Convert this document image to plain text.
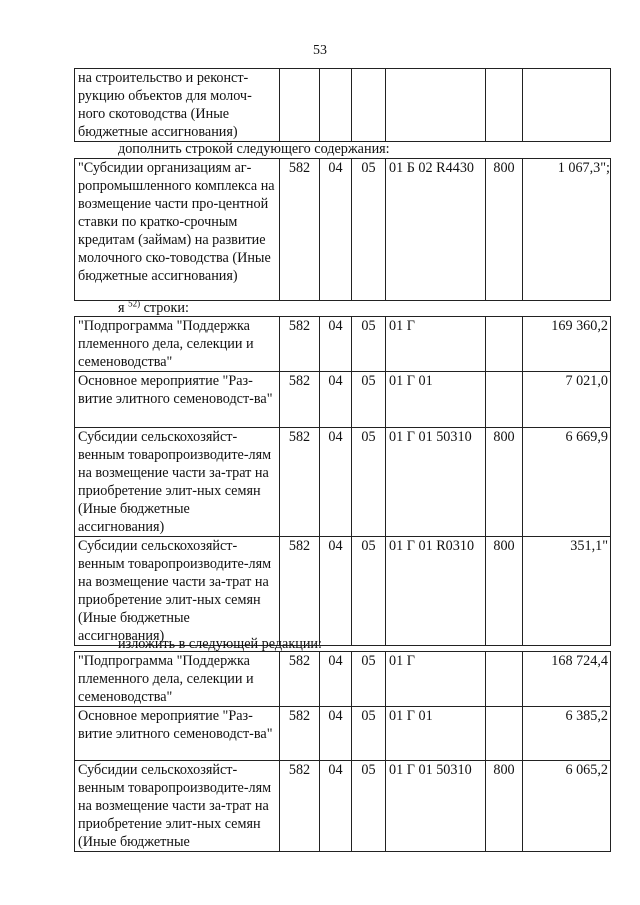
53
на строительство и реконст-рукцию объектов для молоч-ного скотоводства (Иные бюджетные ассигнования)						
дополнить строкой следующего содержания:
"Субсидии организациям аг-ропромышленного комплекса на возмещение части про-центной ставки по кратко-срочным кредитам (займам) на развитие молочного ско-товодства (Иные бюджетные ассигнования)	582	04	05	01 Б 02 R4430	800	1 067,3";
я $^{52)}$ строки:
"Подпрограмма "Поддержка племенного дела, селекции и семеноводства"	582	04	05	01 Г		169 360,2
Основное мероприятие "Раз-витие элитного семеноводст-ва"	582	04	05	01 Г 01		7 021,0
Субсидии сельскохозяйст-венным товаропроизводите-лям на возмещение части за-трат на приобретение элит-ных семян (Иные бюджетные ассигнования)	582	04	05	01 Г 01 50310	800	6 669,9
Субсидии сельскохозяйст-венным товаропроизводите-лям на возмещение части за-трат на приобретение элит-ных семян (Иные бюджетные ассигнования)	582	04	05	01 Г 01 R0310	800	351,1"
изложить в следующей редакции:
"Подпрограмма "Поддержка племенного дела, селекции и семеноводства"	582	04	05	01 Г		168 724,4
Основное мероприятие "Раз-витие элитного семеноводст-ва"	582	04	05	01 Г 01		6 385,2
Субсидии сельскохозяйст-венным товаропроизводите-лям на возмещение части за-трат на приобретение элит-ных семян (Иные бюджетные	582	04	05	01 Г 01 50310	800	6 065,2
